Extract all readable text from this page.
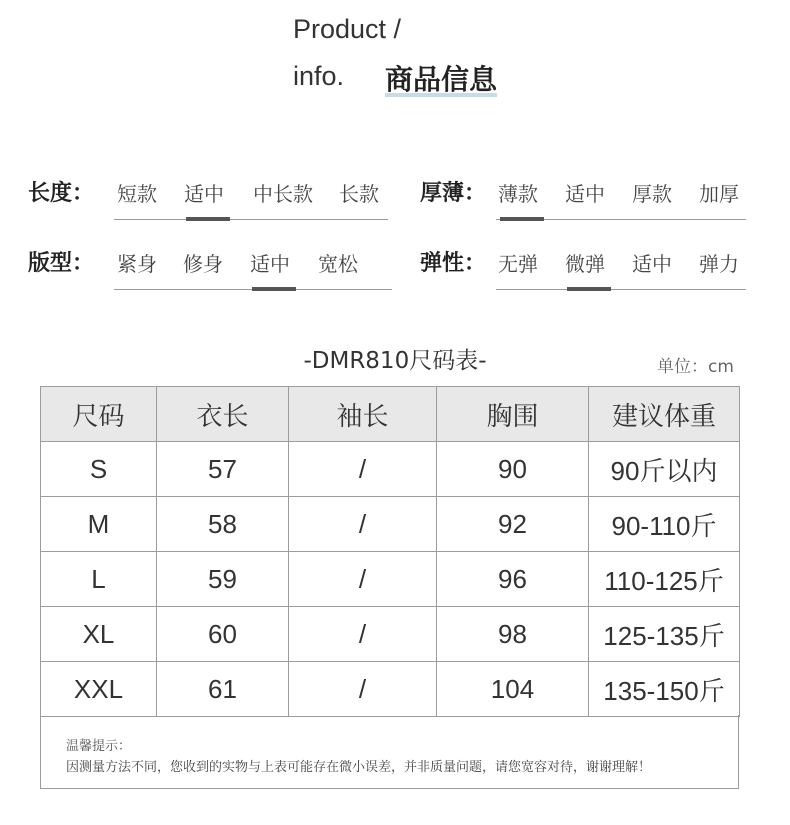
Product /
info. 商品信息
长度： 短款 适中 中长款 长款 厚薄： 薄款 适中 厚款 加厚
版型： 紧身 修身 适中 宽松	弹性： 无弹 微弹 适中 弹力
-DMR810尺码表-	单位：cm
尺码	衣长	袖长	胸围	建议体重
S	57	/	90	90斤以内
M	58	/	92	90-110斤
L	59	/	96	110-125斤
XL	60	/	98	125-135斤
XXL	61	/	104	135-150斤
温馨提示：
因测量方法不同，您收到的实物与上表可能存在微小误差，并非质量问题，请您宽容对待，谢谢理解！
